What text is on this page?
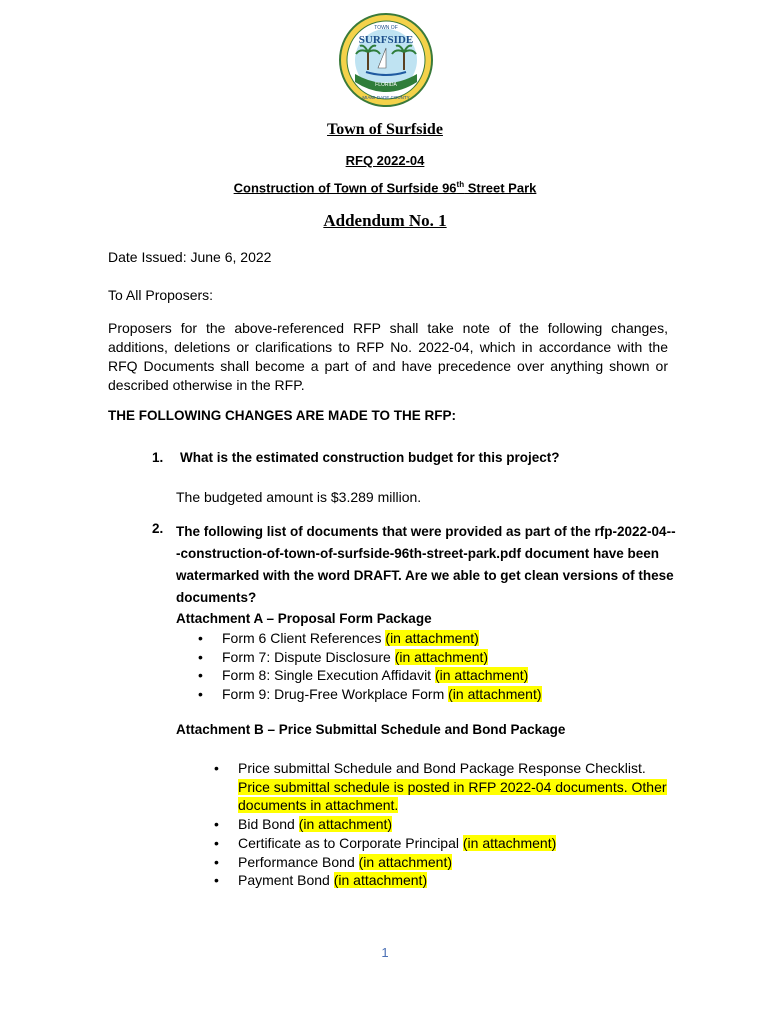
TOWN OF
SURFSIDE
FLORIDA
MIAMI-DADE COUNTY
Town of Surfside
RFQ 2022-04
Construction of Town of Surfside 96th Street Park
Addendum No. 1
Date Issued: June 6, 2022
To All Proposers:
Proposers for the above-referenced RFP shall take note of the following changes, additions, deletions or clarifications to RFP No. 2022-04, which in accordance with the RFQ Documents shall become a part of and have precedence over anything shown or described otherwise in the RFP.
THE FOLLOWING CHANGES ARE MADE TO THE RFP:
1. What is the estimated construction budget for this project?
The budgeted amount is $3.289 million.
2. The following list of documents that were provided as part of the rfp-2022-04---construction-of-town-of-surfside-96th-street-park.pdf document have been watermarked with the word DRAFT. Are we able to get clean versions of these documents?
Attachment A – Proposal Form Package
• Form 6 Client References (in attachment)
• Form 7: Dispute Disclosure (in attachment)
• Form 8: Single Execution Affidavit (in attachment)
• Form 9: Drug-Free Workplace Form (in attachment)
Attachment B – Price Submittal Schedule and Bond Package
• Price submittal Schedule and Bond Package Response Checklist. Price submittal schedule is posted in RFP 2022-04 documents. Other documents in attachment.
• Bid Bond (in attachment)
• Certificate as to Corporate Principal (in attachment)
• Performance Bond (in attachment)
• Payment Bond (in attachment)
1
